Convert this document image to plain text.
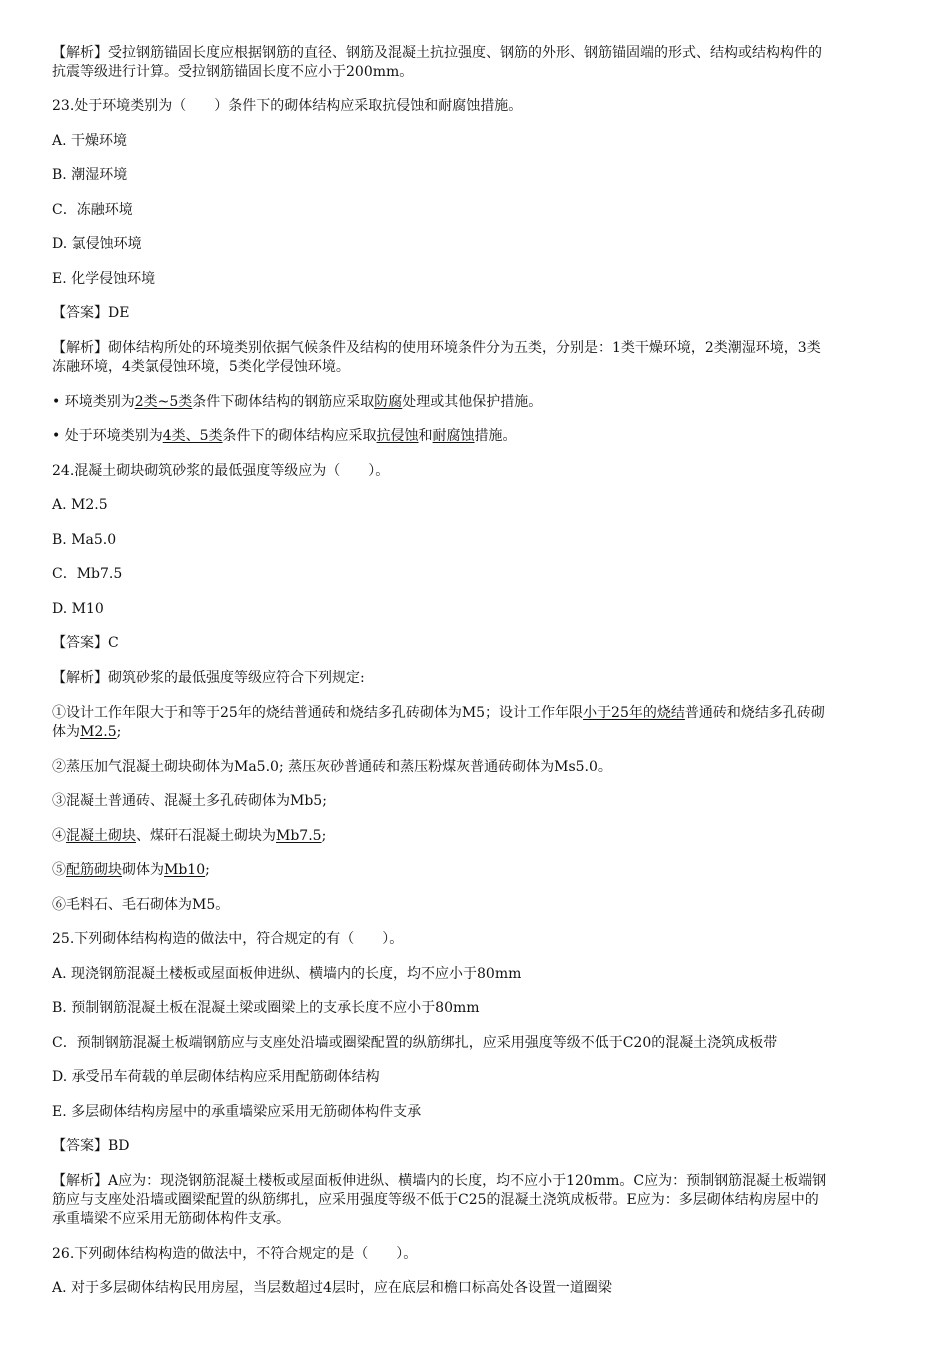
【解析】受拉钢筋锚固长度应根据钢筋的直径、钢筋及混凝土抗拉强度、钢筋的外形、钢筋锚固端的形式、结构或结构构件的
抗震等级进行计算。受拉钢筋锚固长度不应小于200mm。
23.处于环境类别为（　　）条件下的砌体结构应采取抗侵蚀和耐腐蚀措施。
A. 干燥环境
B. 潮湿环境
C．冻融环境
D. 氯侵蚀环境
E. 化学侵蚀环境
【答案】DE
【解析】砌体结构所处的环境类别依据气候条件及结构的使用环境条件分为五类，分别是：1类干燥环境，2类潮湿环境，3类
冻融环境，4类氯侵蚀环境，5类化学侵蚀环境。
• 环境类别为2类~5类条件下砌体结构的钢筋应采取防腐处理或其他保护措施。
• 处于环境类别为4类、5类条件下的砌体结构应采取抗侵蚀和耐腐蚀措施。
24.混凝土砌块砌筑砂浆的最低强度等级应为（　　）。
A. M2.5
B. Ma5.0
C．Mb7.5
D. M10
【答案】C
【解析】砌筑砂浆的最低强度等级应符合下列规定:
①设计工作年限大于和等于25年的烧结普通砖和烧结多孔砖砌体为M5；设计工作年限小于25年的烧结普通砖和烧结多孔砖砌
体为M2.5;
②蒸压加气混凝土砌块砌体为Ma5.0; 蒸压灰砂普通砖和蒸压粉煤灰普通砖砌体为Ms5.0。
③混凝土普通砖、混凝土多孔砖砌体为Mb5;
④混凝土砌块、煤矸石混凝土砌块为Mb7.5;
⑤配筋砌块砌体为Mb10;
⑥毛料石、毛石砌体为M5。
25.下列砌体结构构造的做法中，符合规定的有（　　）。
A. 现浇钢筋混凝土楼板或屋面板伸进纵、横墙内的长度，均不应小于80mm
B. 预制钢筋混凝土板在混凝土梁或圈梁上的支承长度不应小于80mm
C．预制钢筋混凝土板端钢筋应与支座处沿墙或圈梁配置的纵筋绑扎，应采用强度等级不低于C20的混凝土浇筑成板带
D. 承受吊车荷载的单层砌体结构应采用配筋砌体结构
E. 多层砌体结构房屋中的承重墙梁应采用无筋砌体构件支承
【答案】BD
【解析】A应为：现浇钢筋混凝土楼板或屋面板伸进纵、横墙内的长度，均不应小于120mm。C应为：预制钢筋混凝土板端钢
筋应与支座处沿墙或圈梁配置的纵筋绑扎，应采用强度等级不低于C25的混凝土浇筑成板带。E应为：多层砌体结构房屋中的
承重墙梁不应采用无筋砌体构件支承。
26.下列砌体结构构造的做法中，不符合规定的是（　　）。
A. 对于多层砌体结构民用房屋，当层数超过4层时，应在底层和檐口标高处各设置一道圈梁
